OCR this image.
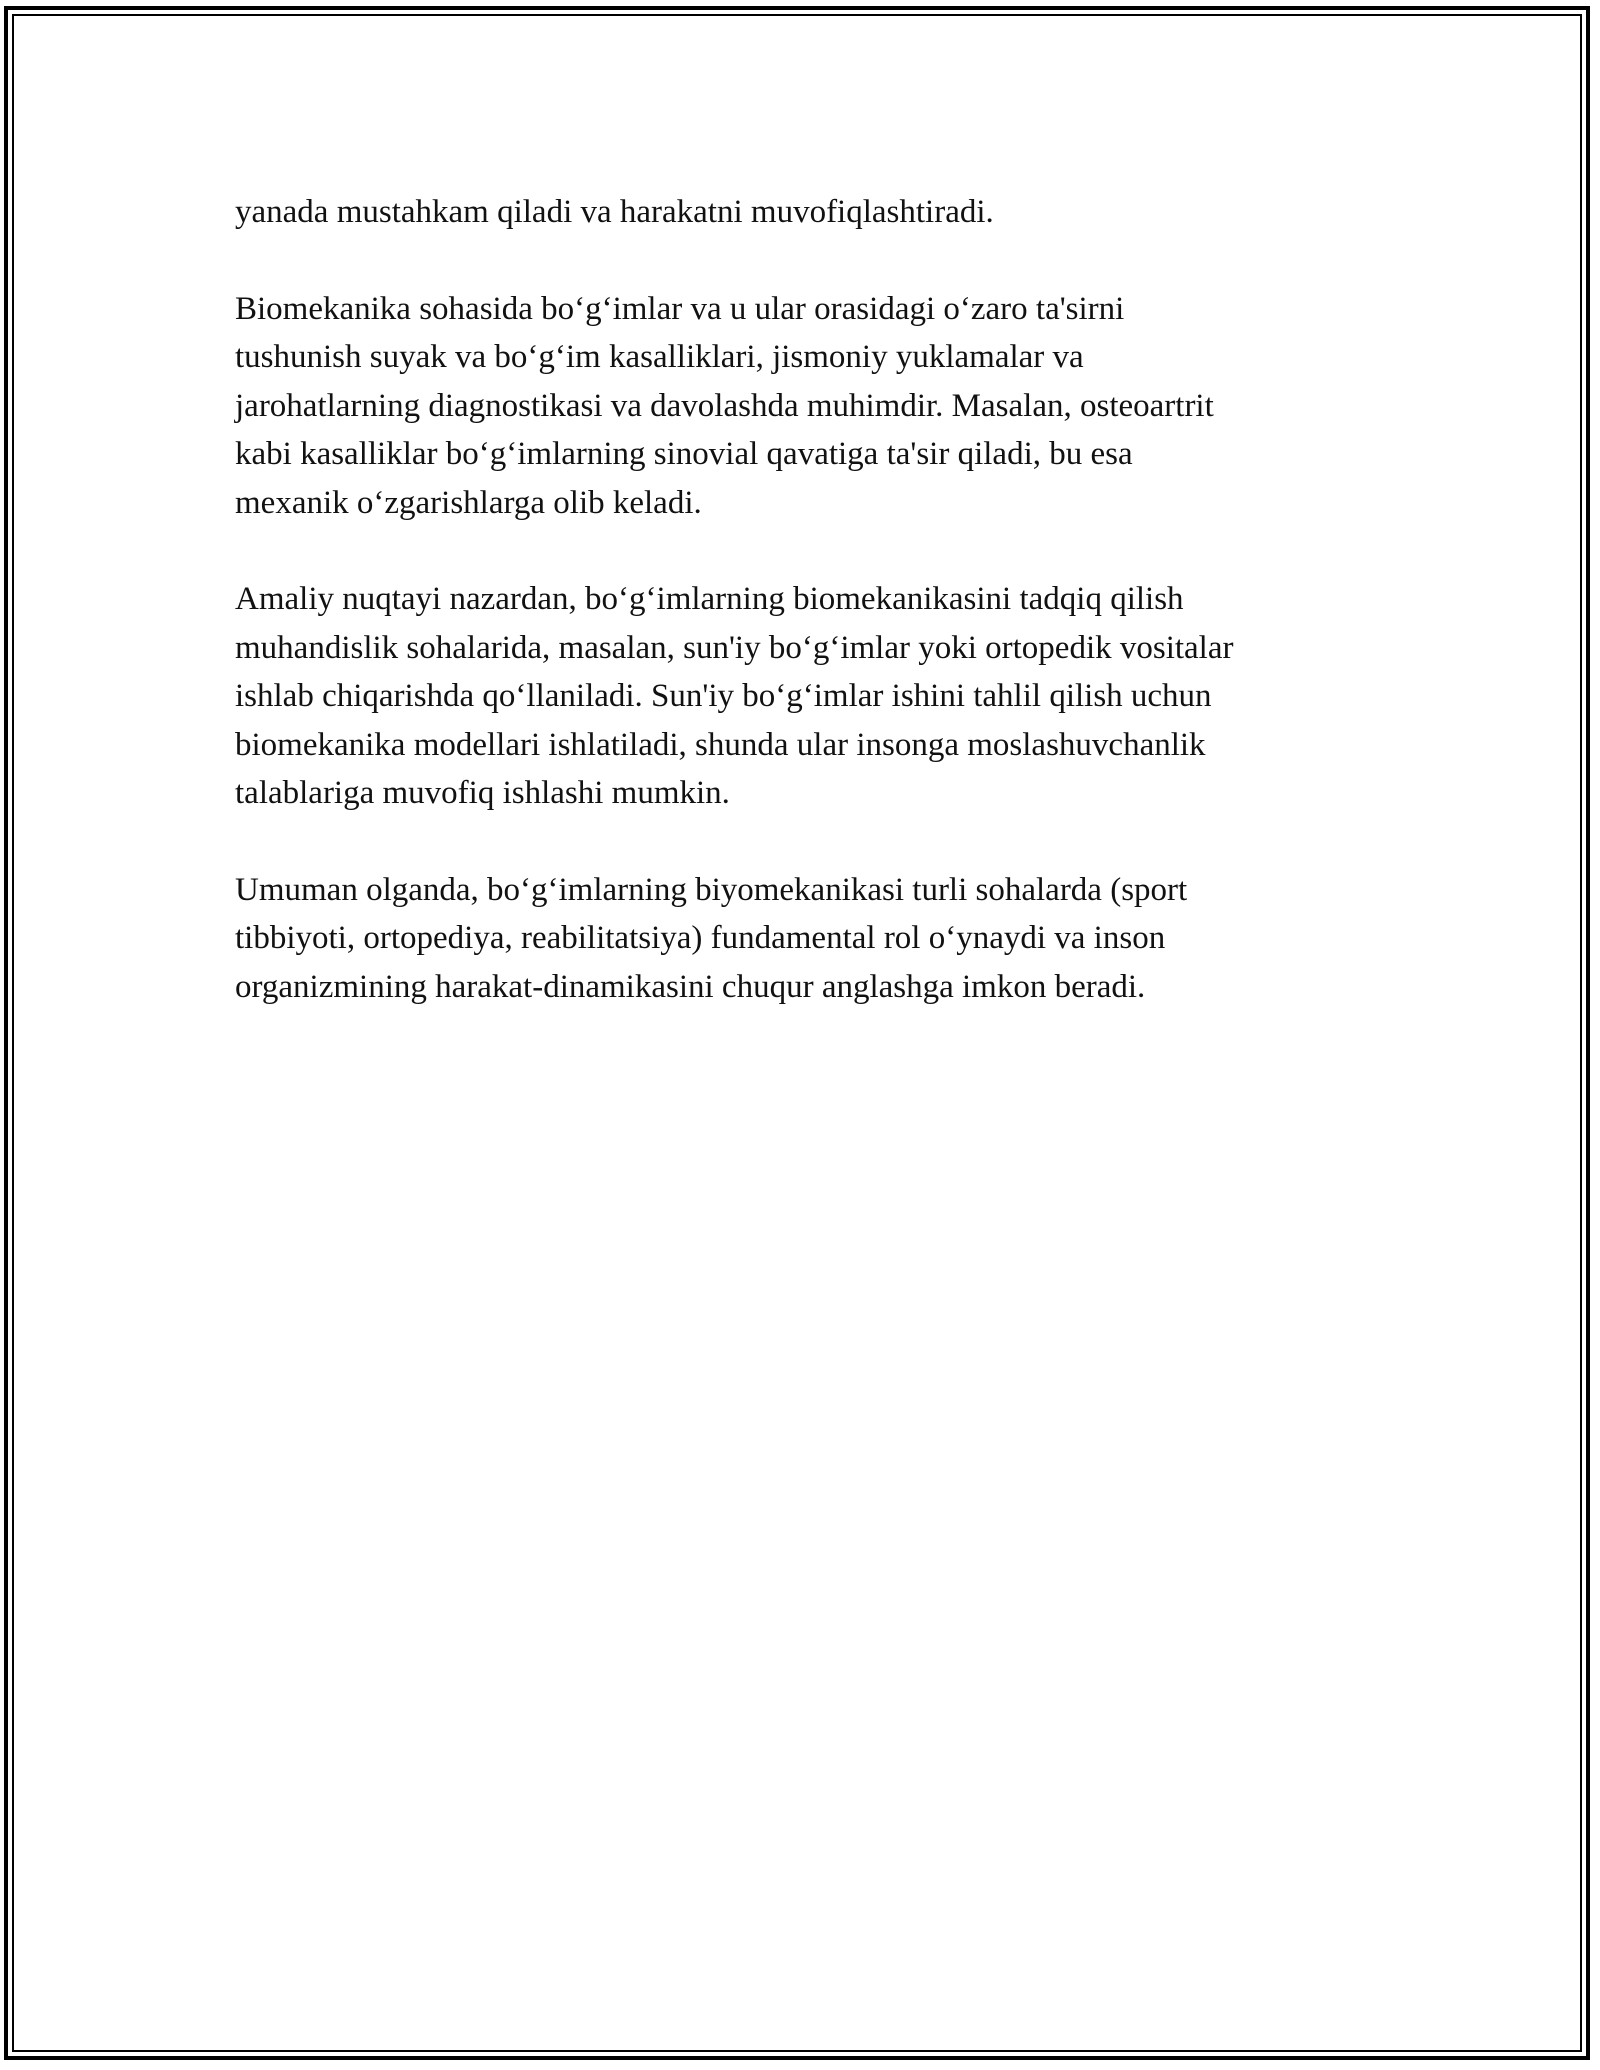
yanada mustahkam qiladi va harakatni muvofiqlashtiradi.

Biomekanika sohasida bo‘g‘imlar va u ular orasidagi o‘zaro ta'sirni
tushunish suyak va bo‘g‘im kasalliklari, jismoniy yuklamalar va
jarohatlarning diagnostikasi va davolashda muhimdir. Masalan, osteoartrit
kabi kasalliklar bo‘g‘imlarning sinovial qavatiga ta'sir qiladi, bu esa
mexanik o‘zgarishlarga olib keladi.

Amaliy nuqtayi nazardan, bo‘g‘imlarning biomekanikasini tadqiq qilish
muhandislik sohalarida, masalan, sun'iy bo‘g‘imlar yoki ortopedik vositalar
ishlab chiqarishda qo‘llaniladi. Sun'iy bo‘g‘imlar ishini tahlil qilish uchun
biomekanika modellari ishlatiladi, shunda ular insonga moslashuvchanlik
talablariga muvofiq ishlashi mumkin.

Umuman olganda, bo‘g‘imlarning biyomekanikasi turli sohalarda (sport
tibbiyoti, ortopediya, reabilitatsiya) fundamental rol o‘ynaydi va inson
organizmining harakat-dinamikasini chuqur anglashga imkon beradi.
